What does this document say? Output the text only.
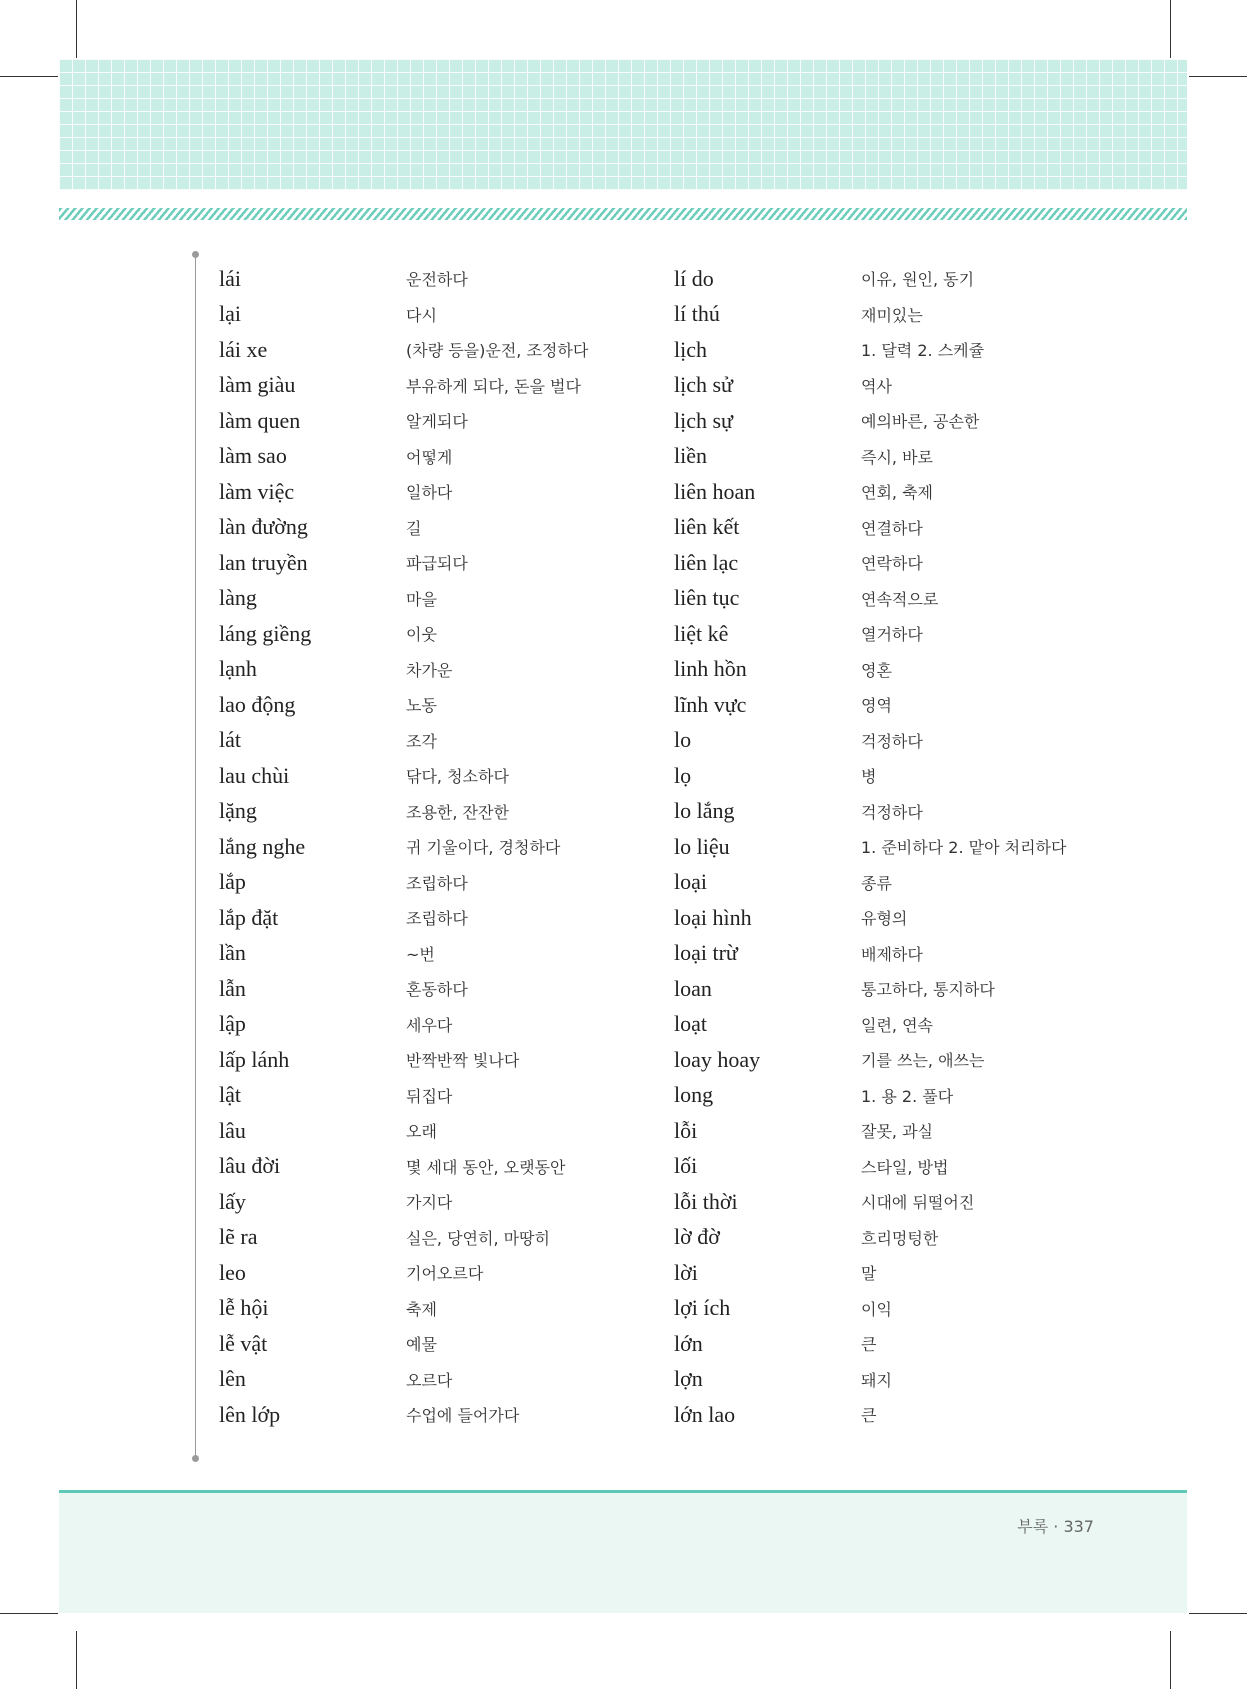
lái	운전하다
lại	다시
lái xe	(차량 등을)운전, 조정하다
làm giàu	부유하게 되다, 돈을 벌다
làm quen	알게되다
làm sao	어떻게
làm việc	일하다
làn đường	길
lan truyền	파급되다
làng	마을
láng giềng	이웃
lạnh	차가운
lao động	노동
lát	조각
lau chùi	닦다, 청소하다
lặng	조용한, 잔잔한
lắng nghe	귀 기울이다, 경청하다
lắp	조립하다
lắp đặt	조립하다
lần	~번
lẫn	혼동하다
lập	세우다
lấp lánh	반짝반짝 빛나다
lật	뒤집다
lâu	오래
lâu đời	몇 세대 동안, 오랫동안
lấy	가지다
lẽ ra	실은, 당연히, 마땅히
leo	기어오르다
lễ hội	축제
lễ vật	예물
lên	오르다
lên lớp	수업에 들어가다
lí do	이유, 원인, 동기
lí thú	재미있는
lịch	1. 달력 2. 스케쥴
lịch sử	역사
lịch sự	예의바른, 공손한
liền	즉시, 바로
liên hoan	연회, 축제
liên kết	연결하다
liên lạc	연락하다
liên tục	연속적으로
liệt kê	열거하다
linh hồn	영혼
lĩnh vực	영역
lo	걱정하다
lọ	병
lo lắng	걱정하다
lo liệu	1. 준비하다 2. 맡아 처리하다
loại	종류
loại hình	유형의
loại trừ	배제하다
loan	통고하다, 통지하다
loạt	일련, 연속
loay hoay	기를 쓰는, 애쓰는
long	1. 용 2. 풀다
lỗi	잘못, 과실
lối	스타일, 방법
lỗi thời	시대에 뒤떨어진
lờ đờ	흐리멍텅한
lời	말
lợi ích	이익
lớn	큰
lợn	돼지
lớn lao	큰
부록 · 337
